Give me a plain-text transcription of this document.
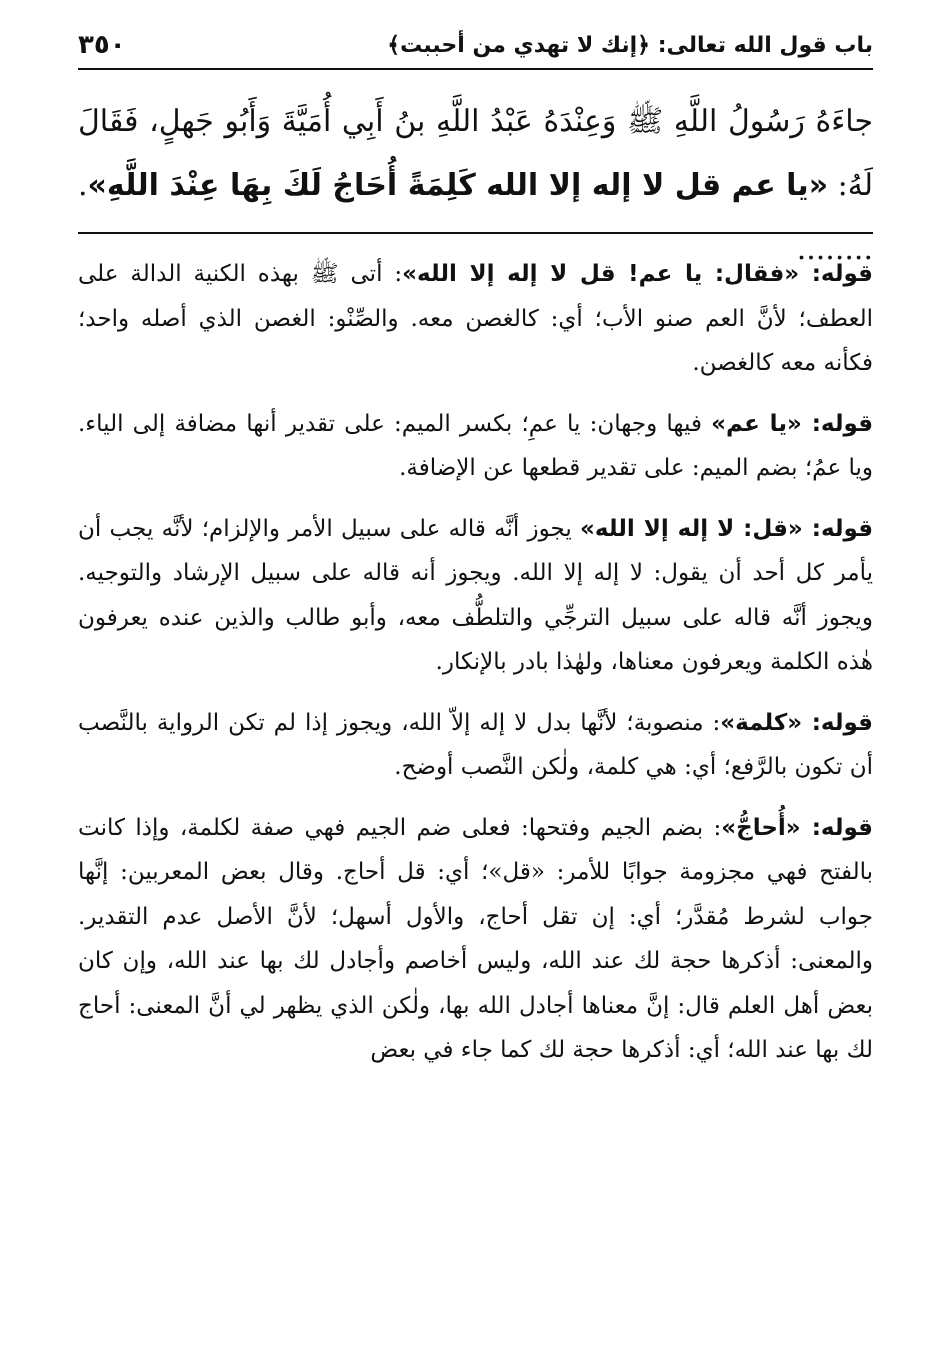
باب قول الله تعالى: ﴿إنك لا تهدي من أحببت﴾
٣٥٠
جاءَهُ رَسُولُ اللَّهِ ﷺ وَعِنْدَهُ عَبْدُ اللَّهِ بنُ أَبِي أُمَيَّةَ وَأَبُو جَهلٍ، فَقَالَ لَهُ: «يا عم قل لا إله إلا الله كَلِمَةً أُحَاجُ لَكَ بِهَا عِنْدَ اللَّهِ». ........

قوله: «فقال: يا عم! قل لا إله إلا الله»: أتى ﷺ بهذه الكنية الدالة على العطف؛ لأنَّ العم صنو الأب؛ أي: كالغصن معه. والصِّنْو: الغصن الذي أصله واحد؛ فكأنه معه كالغصن.

قوله: «يا عم» فيها وجهان: يا عمِ؛ بكسر الميم: على تقدير أنها مضافة إلى الياء. ويا عمُ؛ بضم الميم: على تقدير قطعها عن الإضافة.

قوله: «قل: لا إله إلا الله» يجوز أنَّه قاله على سبيل الأمر والإلزام؛ لأنَّه يجب أن يأمر كل أحد أن يقول: لا إله إلا الله. ويجوز أنه قاله على سبيل الإرشاد والتوجيه. ويجوز أنَّه قاله على سبيل الترجِّي والتلطُّف معه، وأبو طالب والذين عنده يعرفون هٰذه الكلمة ويعرفون معناها، ولهٰذا بادر بالإنكار.

قوله: «كلمة»: منصوبة؛ لأنَّها بدل لا إله إلاّ الله، ويجوز إذا لم تكن الرواية بالنَّصب أن تكون بالرَّفع؛ أي: هي كلمة، ولٰكن النَّصب أوضح.

قوله: «أُحاجُّ»: بضم الجيم وفتحها: فعلى ضم الجيم فهي صفة لكلمة، وإذا كانت بالفتح فهي مجزومة جوابًا للأمر: «قل»؛ أي: قل أحاج. وقال بعض المعربين: إنَّها جواب لشرط مُقدَّر؛ أي: إن تقل أحاج، والأول أسهل؛ لأنَّ الأصل عدم التقدير. والمعنى: أذكرها حجة لك عند الله، وليس أخاصم وأجادل لك بها عند الله، وإن كان بعض أهل العلم قال: إنَّ معناها أجادل الله بها، ولٰكن الذي يظهر لي أنَّ المعنى: أحاج لك بها عند الله؛ أي: أذكرها حجة لك كما جاء في بعض
